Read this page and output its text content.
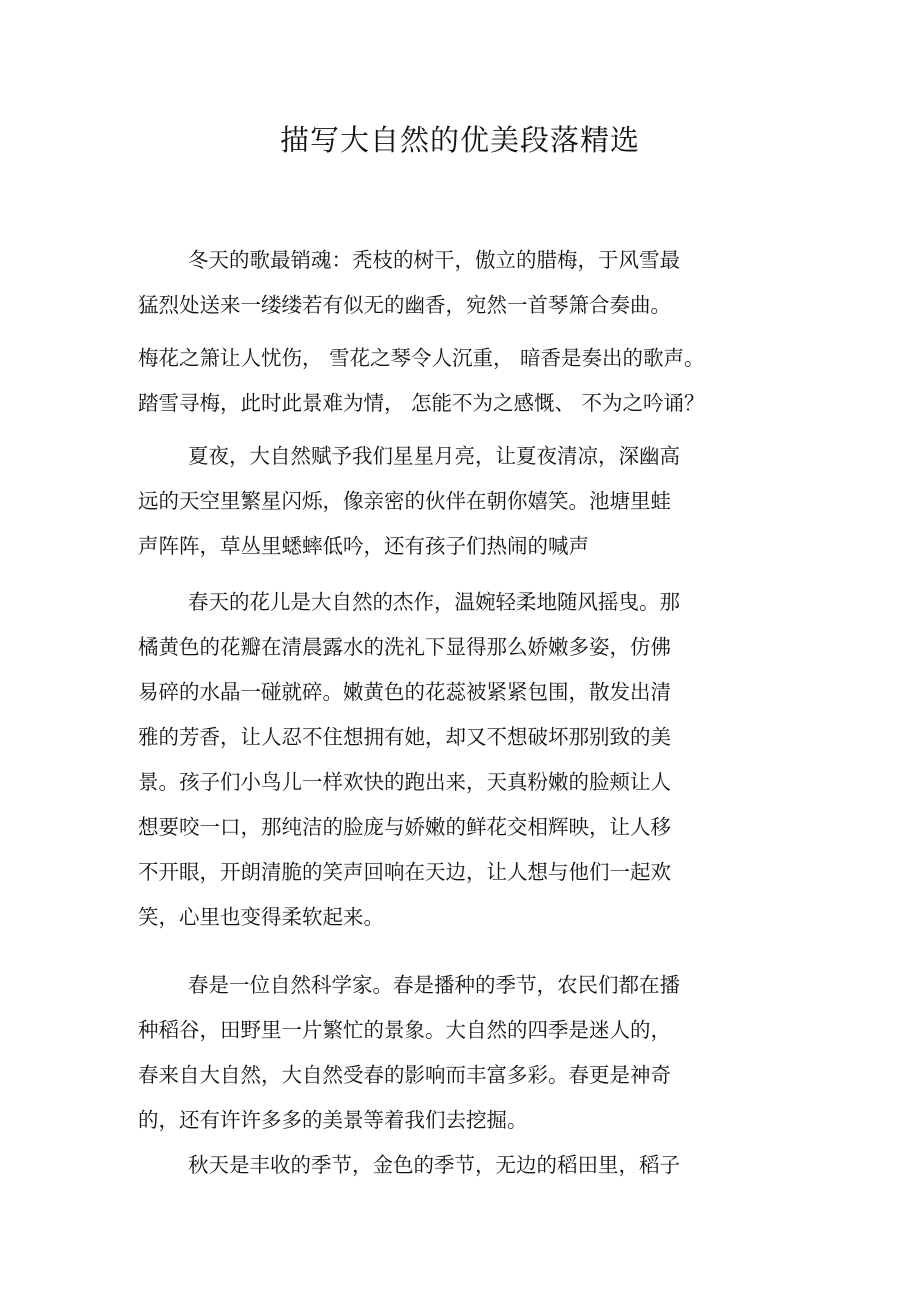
描写大自然的优美段落精选
冬天的歌最销魂：秃枝的树干，傲立的腊梅，于风雪最
猛烈处送来一缕缕若有似无的幽香，宛然一首琴箫合奏曲。
梅花之箫让人忧伤， 雪花之琴令人沉重， 暗香是奏出的歌声。
踏雪寻梅，此时此景难为情， 怎能不为之感慨、 不为之吟诵？
夏夜，大自然赋予我们星星月亮，让夏夜清凉，深幽高
远的天空里繁星闪烁，像亲密的伙伴在朝你嬉笑。池塘里蛙
声阵阵，草丛里蟋蟀低吟，还有孩子们热闹的喊声
春天的花儿是大自然的杰作，温婉轻柔地随风摇曳。那
橘黄色的花瓣在清晨露水的洗礼下显得那么娇嫩多姿，仿佛
易碎的水晶一碰就碎。嫩黄色的花蕊被紧紧包围，散发出清
雅的芳香，让人忍不住想拥有她，却又不想破坏那别致的美
景。孩子们小鸟儿一样欢快的跑出来，天真粉嫩的脸颊让人
想要咬一口，那纯洁的脸庞与娇嫩的鲜花交相辉映，让人移
不开眼，开朗清脆的笑声回响在天边，让人想与他们一起欢
笑，心里也变得柔软起来。
春是一位自然科学家。春是播种的季节，农民们都在播
种稻谷，田野里一片繁忙的景象。大自然的四季是迷人的，
春来自大自然，大自然受春的影响而丰富多彩。春更是神奇
的，还有许许多多的美景等着我们去挖掘。
秋天是丰收的季节，金色的季节，无边的稻田里，稻子
